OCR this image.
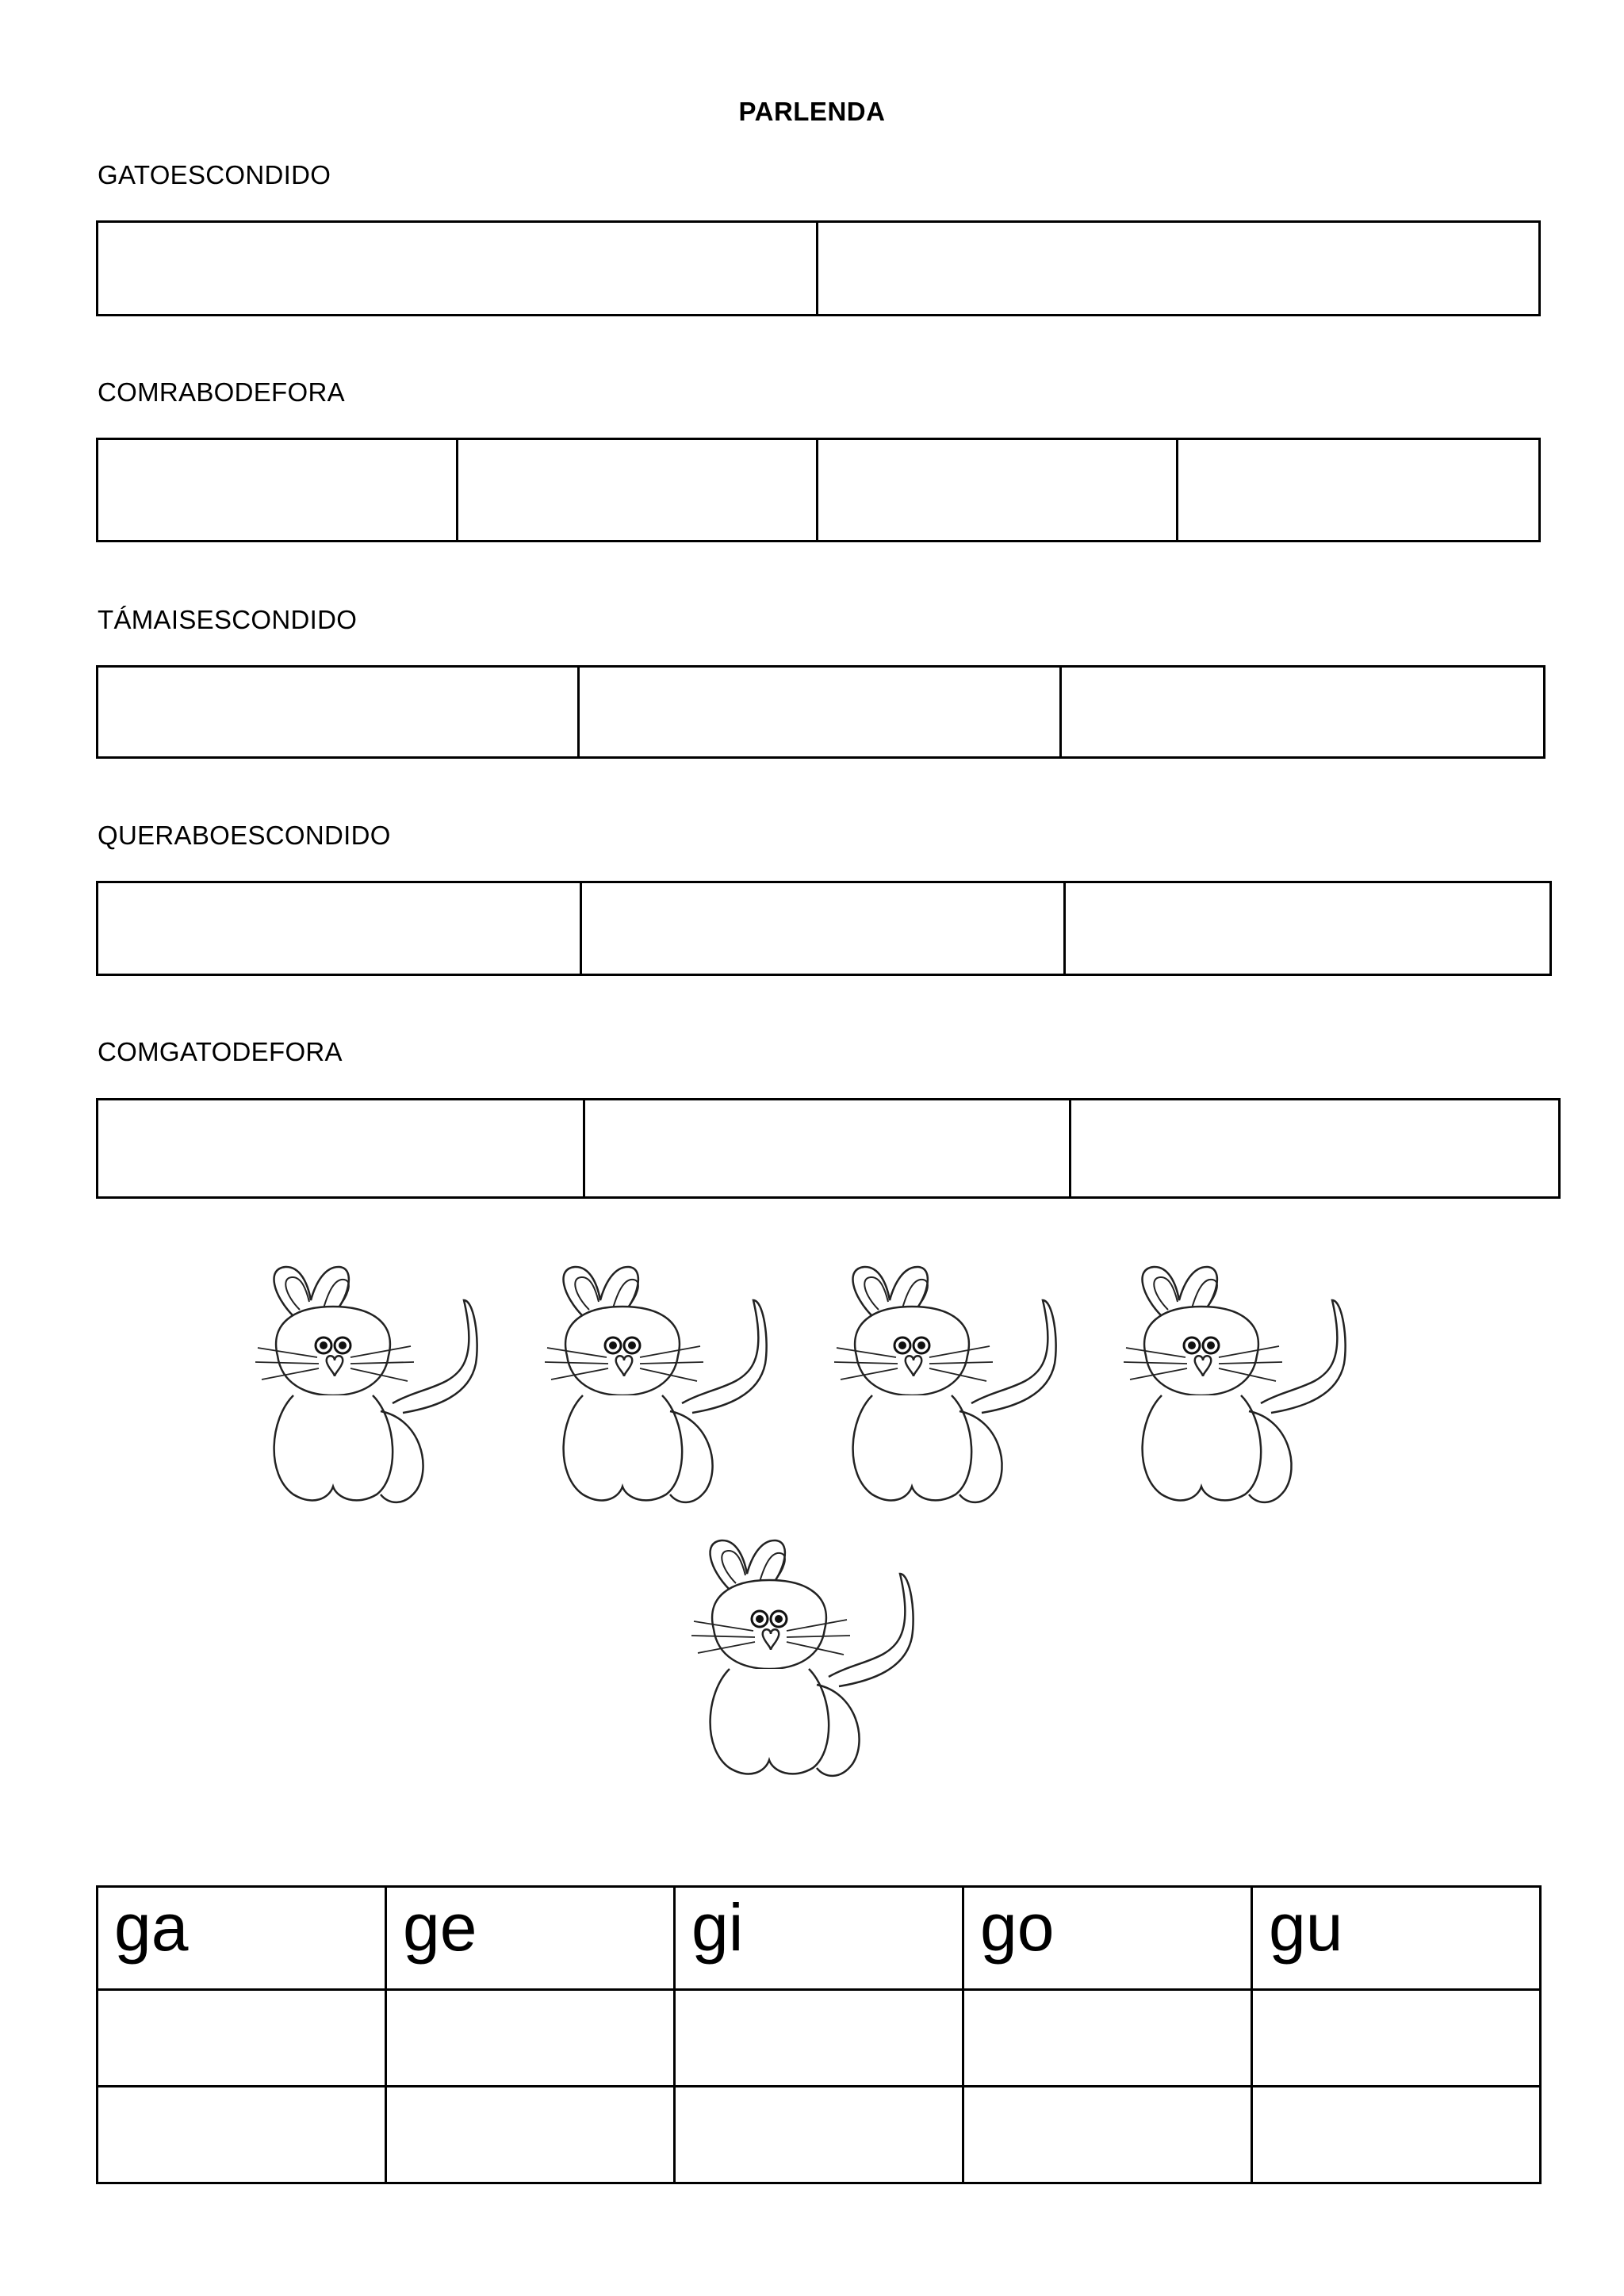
PARLENDA
GATOESCONDIDO
COMRABODEFORA
TÁMAISESCONDIDO
QUERABOESCONDIDO
COMGATODEFORA
ga	ge	gi	go	gu
